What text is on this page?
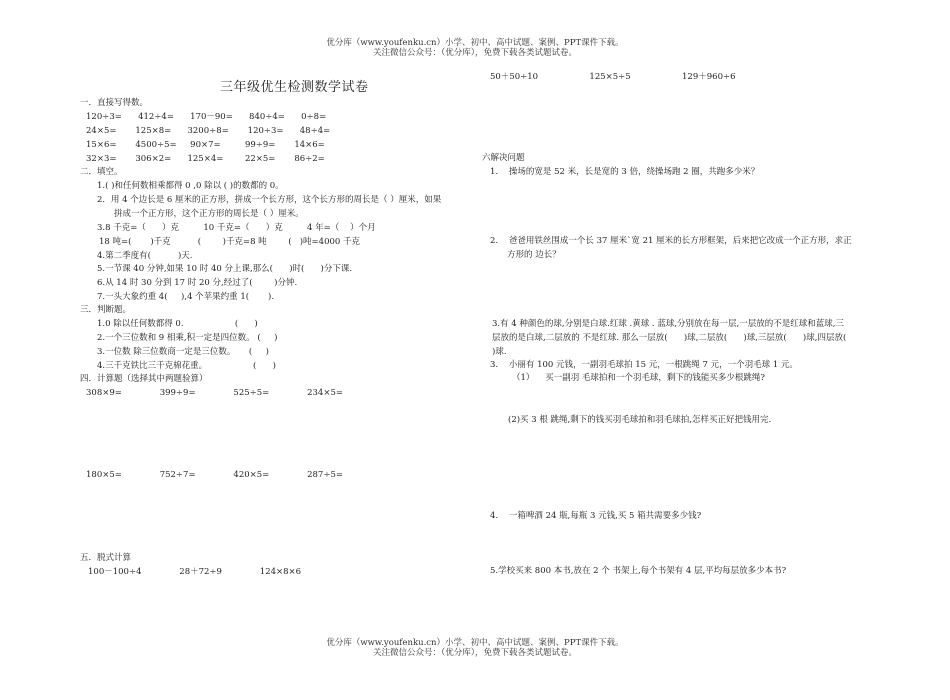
优分库（www.youfenku.cn）小学、初中、高中试题、案例、PPT课件下载。
关注微信公众号：（优分库），免费下载各类试题试卷。
三年级优生检测数学试卷
一．直接写得数。
120÷3=      412÷4=      170－90=      840÷4=      0÷8=
24×5=       125×8=      3200÷8=       120÷3=      48÷4=
15×6=       4500÷5=     90×7=         99÷9=       14×6=
32×3=       306×2=      125×4=        22×5=       86÷2=
二．填空。
1.( )和任何数相乘都得 0 ,0 除以 ( )的数都的 0。
2．用 4 个边长是 6 厘米的正方形，拼成一个长方形，这个长方形的周长是（ ）厘米，如果
拼成一个正方形，这个正方形的周长是（ ）厘米。
3.8 千克=（      ）克         10 千克=（      ）克         4 年=（    ）个月
18 吨=(       )千克          (        )千克=8 吨        (   )吨=4000 千克
4.第二季度有(          )天.
5.一节课 40 分钟,如果 10 时 40 分上课,那么(      )时(      )分下课.
6.从 14 时 30 分到 17 时 20 分,经过了(        )分钟.
7.一头大象约重 4(     ),4 个苹果约重 1(       ).
三．判断题。
1.0 除以任何数都得 0.                   (      )
2.一个三位数和 9 相乘,积一定是四位数。 (     )
3.一位数 除三位数商一定是三位数。     (     )
4.三千克铁比三千克棉花重。                 (      )
四．计算题（选择其中两题验算）
308×9=              399÷9=              525÷5=              234×5=
180×5=              752÷7=              420×5=              287÷5=
五．脱式计算
100－100÷4              28＋72÷9              124×8×6
50＋50÷10                   125×5÷5                   129＋960÷6
六解决问题
1.    操场的宽是 52 米，长是宽的 3 倍，绕操场跑 2 圈，共跑多少米？
2.    爸爸用铁丝围成一个长 37 厘米`宽 21 厘米的长方形框架，后来把它改成一个正方形，求正
方形的 边长？
3.有 4 种颜色的球,分别是白球.红球 .黄球 . 蓝球,分别放在每一层,一层放的不是红球和蓝球,三
层放的是白球,二层放的 不是红球. 那么一层放(      )球,二层放(      )球,三层放(      )球,四层放(
)球.
3.    小丽有 100 元钱，一副羽毛球拍 15 元，一根跳绳 7 元，一个羽毛球 1 元。
（1）    买一副羽 毛球拍和一个羽毛球，剩下的钱能买多少根跳绳?
(2)买 3 根 跳绳,剩下的钱买羽毛球拍和羽毛球拍,怎样买正好把钱用完.
4.    一箱啤酒 24 瓶,每瓶 3 元钱,买 5 箱共需要多少钱?
5.学校买来 800 本书,放在 2 个 书架上,每个书架有 4 层,平均每层放多少本书?
优分库（www.youfenku.cn）小学、初中、高中试题、案例、PPT课件下载。
关注微信公众号：（优分库），免费下载各类试题试卷。
